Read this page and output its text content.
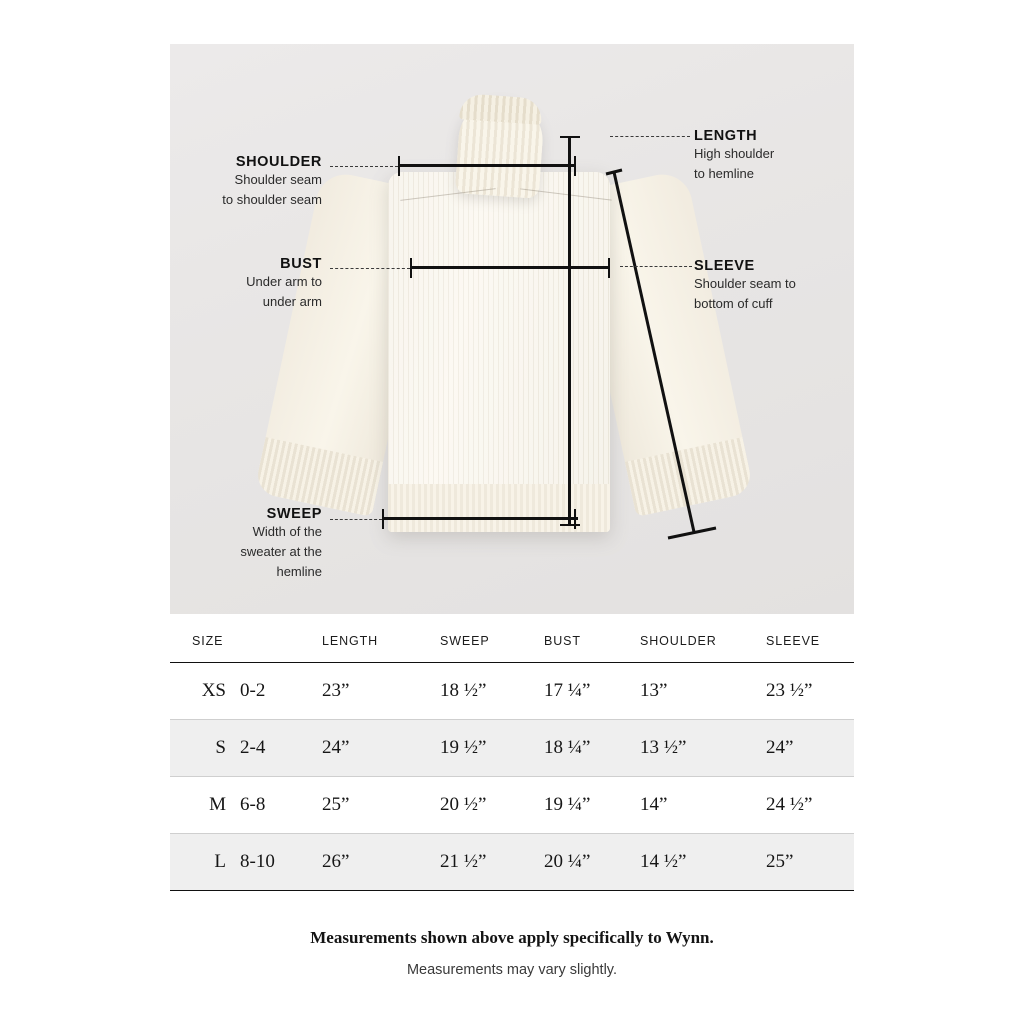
SHOULDER
Shoulder seam
to shoulder seam
BUST
Under arm to
under arm
SWEEP
Width of the
sweater at the
hemline
LENGTH
High shoulder
to hemline
SLEEVE
Shoulder seam to
bottom of cuff
SIZE	LENGTH	SWEEP	BUST	SHOULDER	SLEEVE
XS 0-2	23”	18 ½”	17 ¼”	13”	23 ½”
S 2-4	24”	19 ½”	18 ¼”	13 ½”	24”
M 6-8	25”	20 ½”	19 ¼”	14”	24 ½”
L 8-10	26”	21 ½”	20 ¼”	14 ½”	25”
Measurements shown above apply specifically to Wynn.
Measurements may vary slightly.
